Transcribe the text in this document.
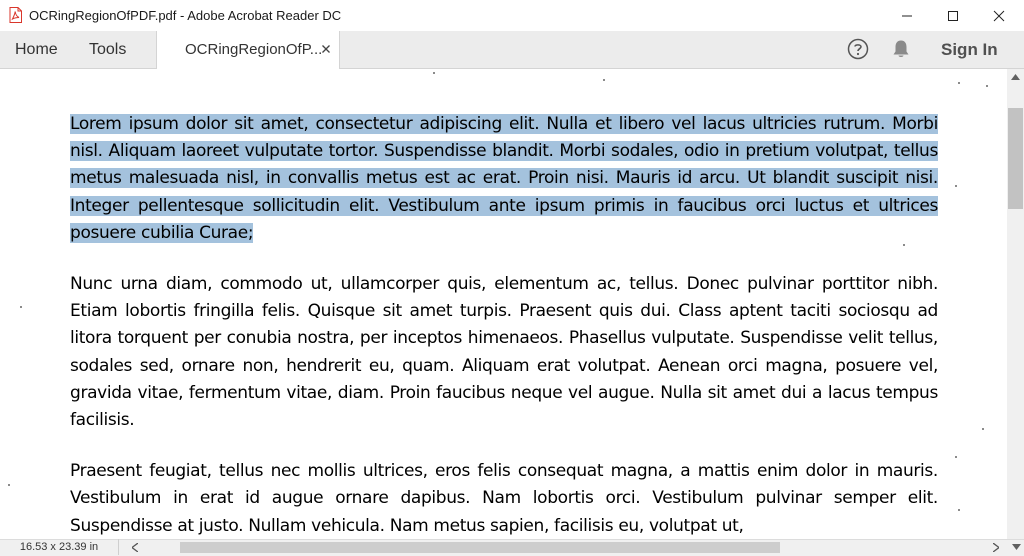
OCRingRegionOfPDF.pdf - Adobe Acrobat Reader DC
Home Tools	OCRingRegionOfP...	Sign In

Lorem ipsum dolor sit amet, consectetur adipiscing elit. Nulla et libero vel lacus ultricies rutrum. Morbi nisl. Aliquam laoreet vulputate tortor. Suspendisse blandit. Morbi sodales, odio in pretium volutpat, tellus metus malesuada nisl, in convallis metus est ac erat. Proin nisi. Mauris id arcu. Ut blandit suscipit nisi. Integer pellentesque sollicitudin elit. Vestibulum ante ipsum primis in faucibus orci luctus et ultrices posuere cubilia Curae;

Nunc urna diam, commodo ut, ullamcorper quis, elementum ac, tellus. Donec pulvinar porttitor nibh. Etiam lobortis fringilla felis. Quisque sit amet turpis. Praesent quis dui. Class aptent taciti sociosqu ad litora torquent per conubia nostra, per inceptos himenaeos. Phasellus vulputate. Suspendisse velit tellus, sodales sed, ornare non, hendrerit eu, quam. Aliquam erat volutpat. Aenean orci magna, posuere vel, gravida vitae, fermentum vitae, diam. Proin faucibus neque vel augue. Nulla sit amet dui a lacus tempus facilisis.

Praesent feugiat, tellus nec mollis ultrices, eros felis consequat magna, a mattis enim dolor in mauris. Vestibulum in erat id augue ornare dapibus. Nam lobortis orci. Vestibulum pulvinar semper elit. Suspendisse at justo. Nullam vehicula. Nam metus sapien, facilisis eu, volutpat ut,

16.53 x 23.39 in
